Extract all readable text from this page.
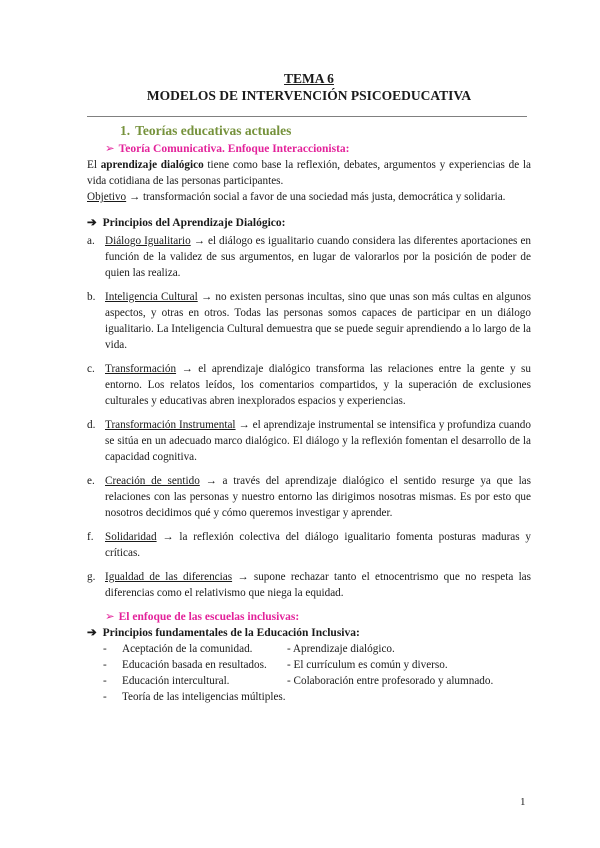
TEMA 6
MODELOS DE INTERVENCIÓN PSICOEDUCATIVA
1. Teorías educativas actuales
➢ Teoría Comunicativa. Enfoque Interaccionista:
El aprendizaje dialógico tiene como base la reflexión, debates, argumentos y experiencias de la vida cotidiana de las personas participantes.
Objetivo → transformación social a favor de una sociedad más justa, democrática y solidaria.
➔ Principios del Aprendizaje Dialógico:
a. Diálogo Igualitario → el diálogo es igualitario cuando considera las diferentes aportaciones en función de la validez de sus argumentos, en lugar de valorarlos por la posición de poder de quien las realiza.
b. Inteligencia Cultural → no existen personas incultas, sino que unas son más cultas en algunos aspectos, y otras en otros. Todas las personas somos capaces de participar en un diálogo igualitario. La Inteligencia Cultural demuestra que se puede seguir aprendiendo a lo largo de la vida.
c. Transformación → el aprendizaje dialógico transforma las relaciones entre la gente y su entorno. Los relatos leídos, los comentarios compartidos, y la superación de exclusiones culturales y educativas abren inexplorados espacios y experiencias.
d. Transformación Instrumental → el aprendizaje instrumental se intensifica y profundiza cuando se sitúa en un adecuado marco dialógico. El diálogo y la reflexión fomentan el desarrollo de la capacidad cognitiva.
e. Creación de sentido → a través del aprendizaje dialógico el sentido resurge ya que las relaciones con las personas y nuestro entorno las dirigimos nosotras mismas. Es por esto que nosotros decidimos qué y cómo queremos investigar y aprender.
f.	Solidaridad → la reflexión colectiva del diálogo igualitario fomenta posturas maduras y críticas.
g. Igualdad de las diferencias → supone rechazar tanto el etnocentrismo que no respeta las diferencias como el relativismo que niega la equidad.
➢ El enfoque de las escuelas inclusivas:
➔ Principios fundamentales de la Educación Inclusiva:
-	Aceptación de la comunidad.	- Aprendizaje dialógico.
-	Educación basada en resultados. - El currículum es común y diverso.
-	Educación intercultural.	- Colaboración entre profesorado y alumnado.
-	Teoría de las inteligencias múltiples.
1
